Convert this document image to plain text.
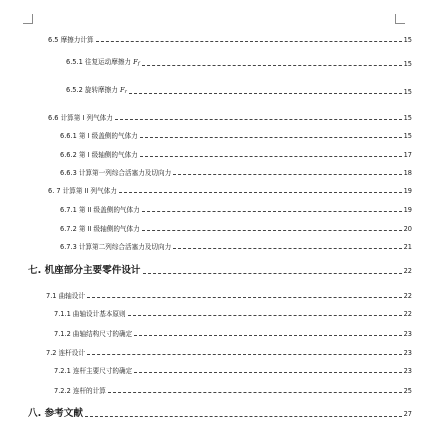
6.5 摩擦力计算	15
6.5.1 往复运动摩擦力 $F_f$	15
6.5.2 旋转摩擦力 $F_r$	15
6.6 计算第 I 列气体力	15
6.6.1 第 I 级盖侧的气体力	15
6.6.2 第 I 级轴侧的气体力	17
6.6.3 计算第一列综合活塞力及切向力	18
6. 7 计算第 II 列气体力	19
6.7.1 第 II 级盖侧的气体力	19
6.7.2 第 II 级轴侧的气体力	20
6.7.3 计算第二列综合活塞力及切向力	21
七. 机座部分主要零件设计	22
7.1 曲轴设计	22
7.1.1 曲轴设计基本原则	22
7.1.2 曲轴结构尺寸的确定	23
7.2 连杆设计	23
7.2.1 连杆主要尺寸的确定	23
7.2.2 连杆的计算	25
八. 参考文献	27
